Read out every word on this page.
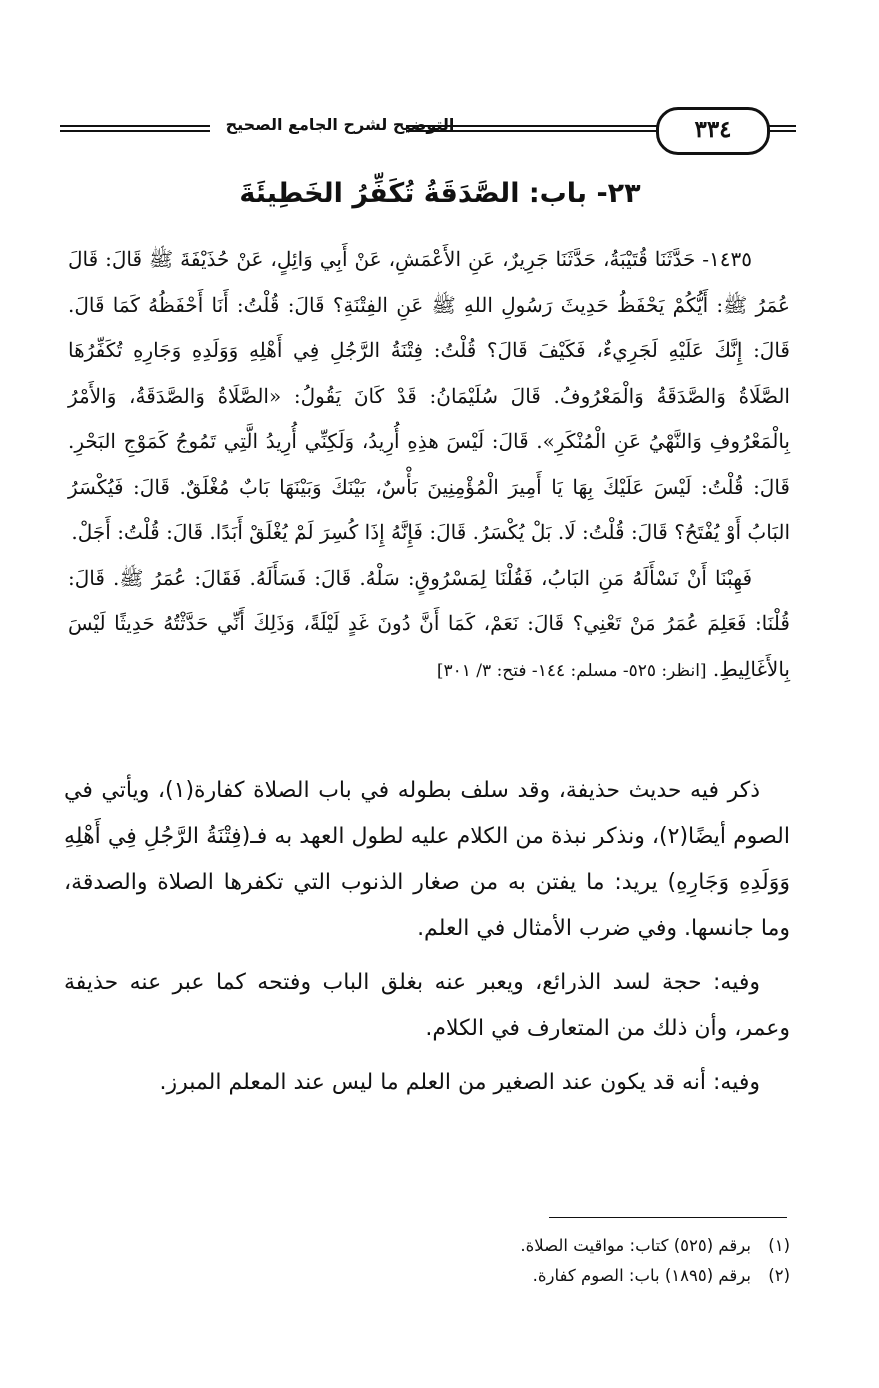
٣٣٤
التوضيح لشرح الجامع الصحيح
٢٣- باب: الصَّدَقَةُ تُكَفِّرُ الخَطِيئَةَ

١٤٣٥- حَدَّثَنَا قُتَيْبَةُ، حَدَّثَنَا جَرِيرٌ، عَنِ الأَعْمَشِ، عَنْ أَبِي وَائِلٍ، عَنْ حُذَيْفَةَ ﷺ قَالَ: قَالَ عُمَرُ ﷺ: أَيُّكُمْ يَحْفَظُ حَدِيثَ رَسُولِ اللهِ ﷺ عَنِ الفِتْنَةِ؟ قَالَ: قُلْتُ: أَنَا أَحْفَظُهُ كَمَا قَالَ. قَالَ: إِنَّكَ عَلَيْهِ لَجَرِيءٌ، فَكَيْفَ قَالَ؟ قُلْتُ: فِتْنَةُ الرَّجُلِ فِي أَهْلِهِ وَوَلَدِهِ وَجَارِهِ تُكَفِّرُهَا الصَّلَاةُ وَالصَّدَقَةُ وَالْمَعْرُوفُ. قَالَ سُلَيْمَانُ: قَدْ كَانَ يَقُولُ: «الصَّلَاةُ وَالصَّدَقَةُ، وَالأَمْرُ بِالْمَعْرُوفِ وَالنَّهْيُ عَنِ الْمُنْكَرِ». قَالَ: لَيْسَ هذِهِ أُرِيدُ، وَلَكِنِّي أُرِيدُ الَّتِي تَمُوجُ كَمَوْجِ البَحْرِ. قَالَ: قُلْتُ: لَيْسَ عَلَيْكَ بِهَا يَا أَمِيرَ الْمُؤْمِنِينَ بَأْسٌ، بَيْنَكَ وَبَيْنَهَا بَابٌ مُغْلَقٌ. قَالَ: فَيُكْسَرُ البَابُ أَوْ يُفْتَحُ؟ قَالَ: قُلْتُ: لَا. بَلْ يُكْسَرُ. قَالَ: فَإِنَّهُ إِذَا كُسِرَ لَمْ يُغْلَقْ أَبَدًا. قَالَ: قُلْتُ: أَجَلْ.

فَهِبْنَا أَنْ نَسْأَلَهُ مَنِ البَابُ، فَقُلْنَا لِمَسْرُوقٍ: سَلْهُ. قَالَ: فَسَأَلَهُ. فَقَالَ: عُمَرُ ﷺ. قَالَ: قُلْنَا: فَعَلِمَ عُمَرُ مَنْ تَعْنِي؟ قَالَ: نَعَمْ، كَمَا أَنَّ دُونَ غَدٍ لَيْلَةً، وَذَلِكَ أَنِّي حَدَّثْتُهُ حَدِيثًا لَيْسَ بِالأَغَالِيطِ. [انظر: ٥٢٥- مسلم: ١٤٤- فتح: ٣/ ٣٠١]

ذكر فيه حديث حذيفة، وقد سلف بطوله في باب الصلاة كفارة(١)، ويأتي في الصوم أيضًا(٢)، ونذكر نبذة من الكلام عليه لطول العهد به فـ(فِتْنَةُ الرَّجُلِ فِي أَهْلِهِ وَوَلَدِهِ وَجَارِهِ) يريد: ما يفتن به من صغار الذنوب التي تكفرها الصلاة والصدقة، وما جانسها. وفي ضرب الأمثال في العلم.

وفيه: حجة لسد الذرائع، ويعبر عنه بغلق الباب وفتحه كما عبر عنه حذيفة وعمر، وأن ذلك من المتعارف في الكلام.

وفيه: أنه قد يكون عند الصغير من العلم ما ليس عند المعلم المبرز.

(١) برقم (٥٢٥) كتاب: مواقيت الصلاة.
(٢) برقم (١٨٩٥) باب: الصوم كفارة.
